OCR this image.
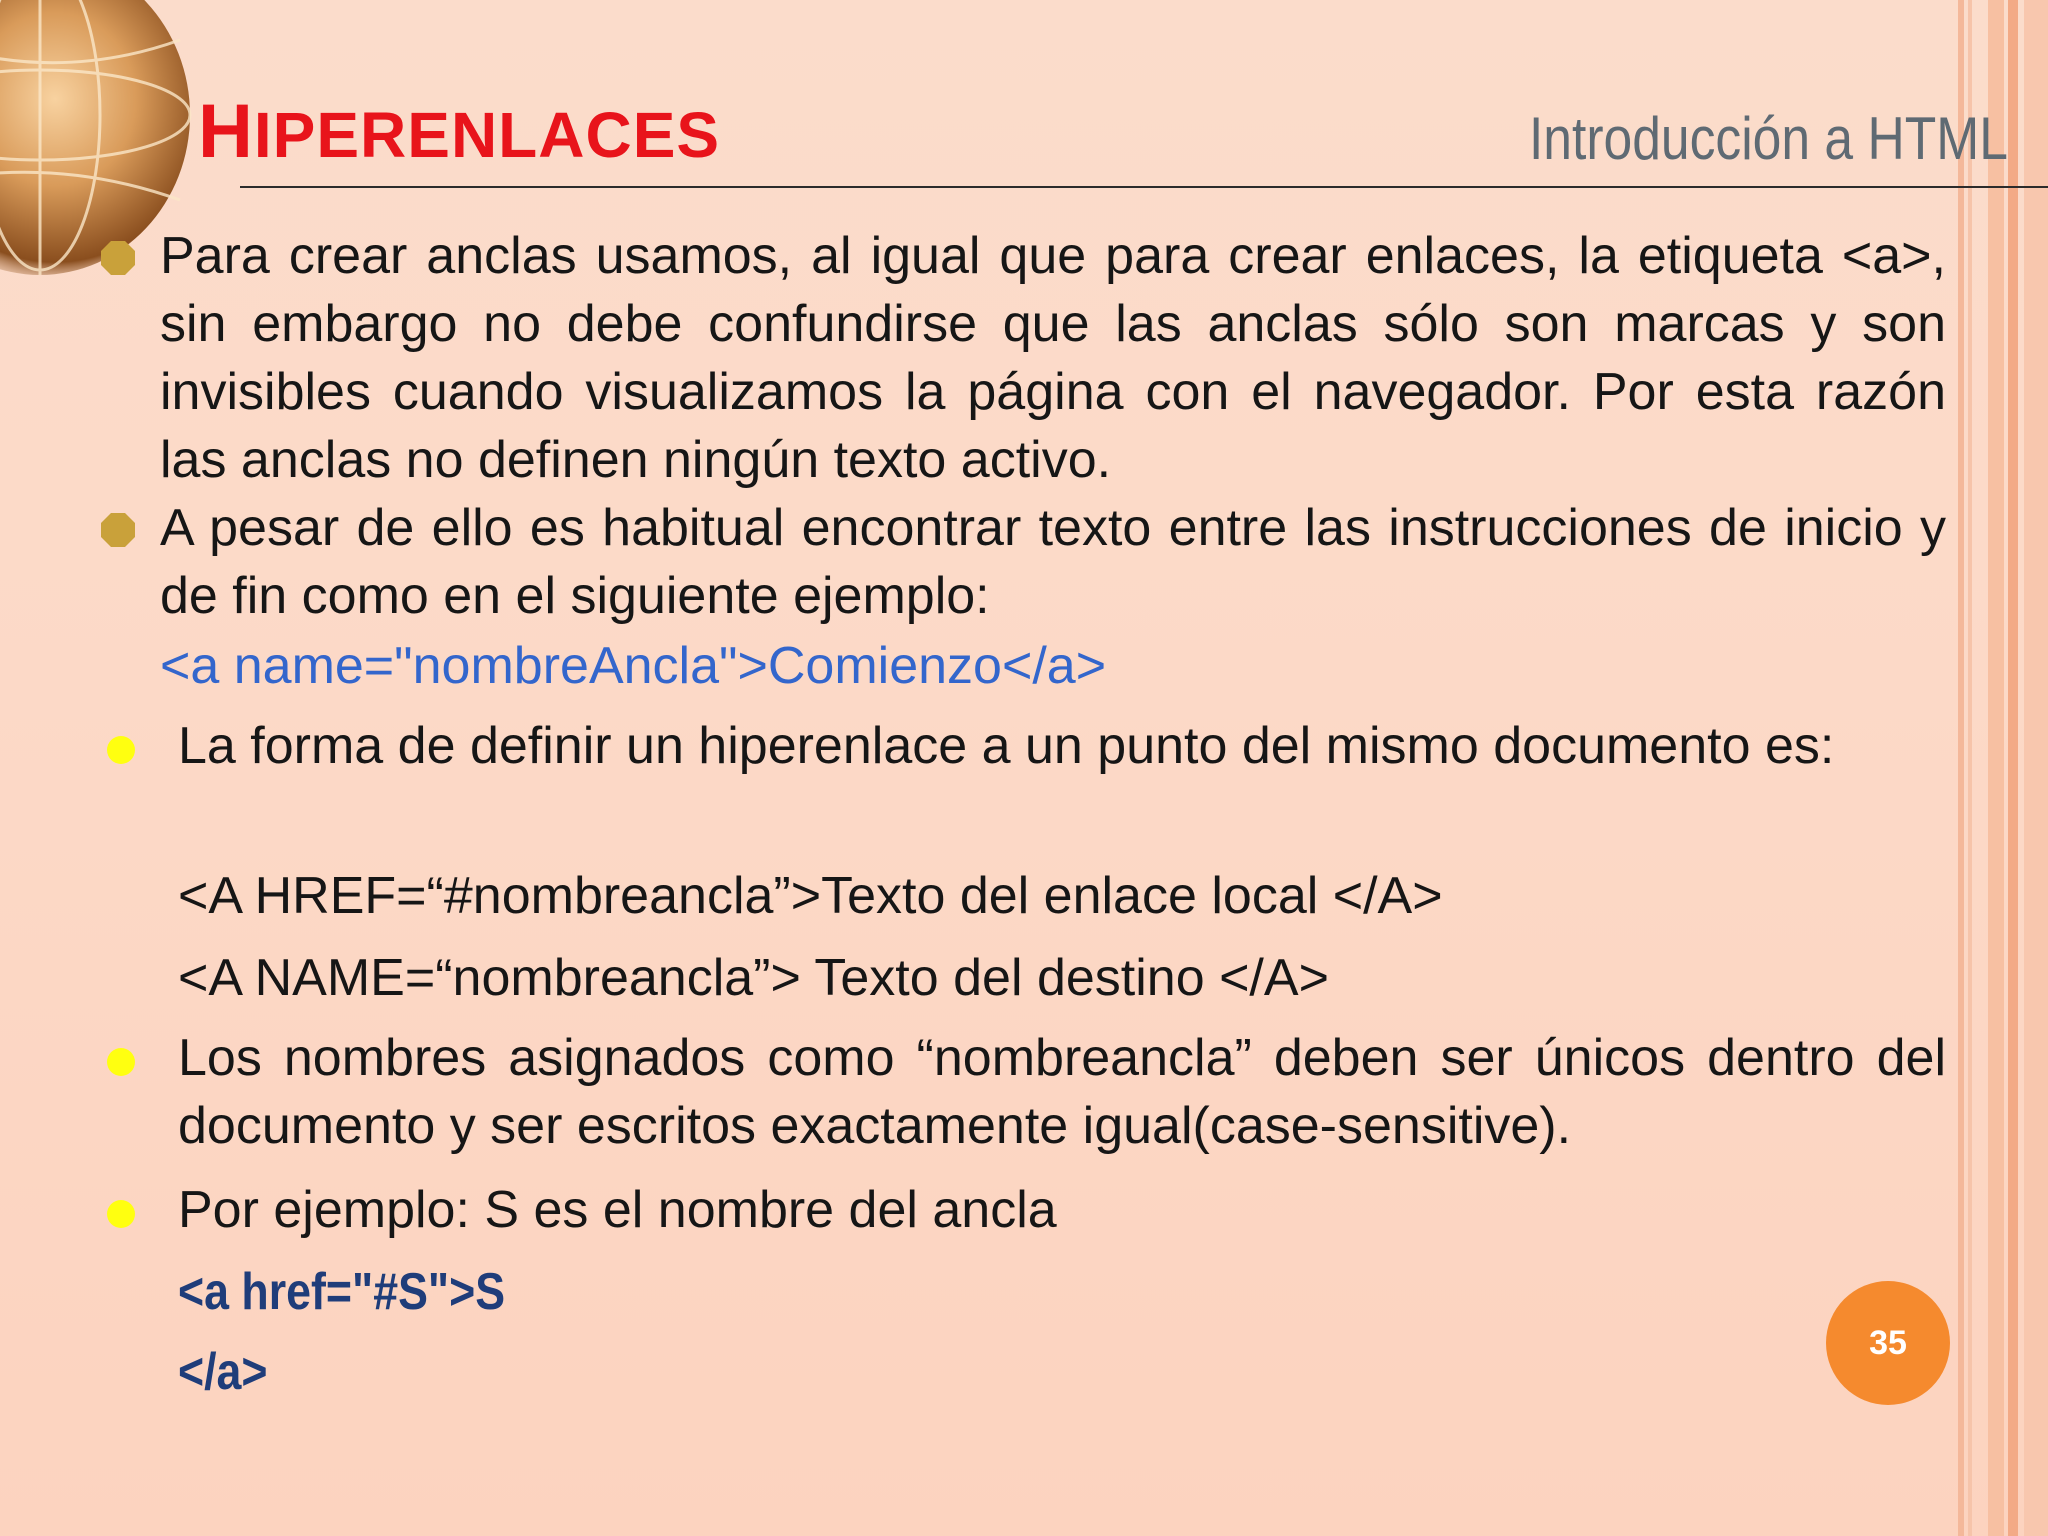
HIPERENLACES	Introducción a HTML
Para crear anclas usamos, al igual que para crear enlaces, la etiqueta <a>, sin embargo no debe confundirse que las anclas sólo son marcas y son invisibles cuando visualizamos la página con el navegador. Por esta razón las anclas no definen ningún texto activo.
A pesar de ello es habitual encontrar texto entre las instrucciones de inicio y de fin como en el siguiente ejemplo:
<a name="nombreAncla">Comienzo</a>
La forma de definir un hiperenlace a un punto del mismo documento es:
<A HREF=“#nombreancla”>Texto del enlace local </A>
<A NAME=“nombreancla”> Texto del destino </A>
Los nombres asignados como “nombreancla” deben ser únicos dentro del documento y ser escritos exactamente igual(case-sensitive).
Por ejemplo: S es el nombre del ancla
<a href="#S">S
</a>
35
